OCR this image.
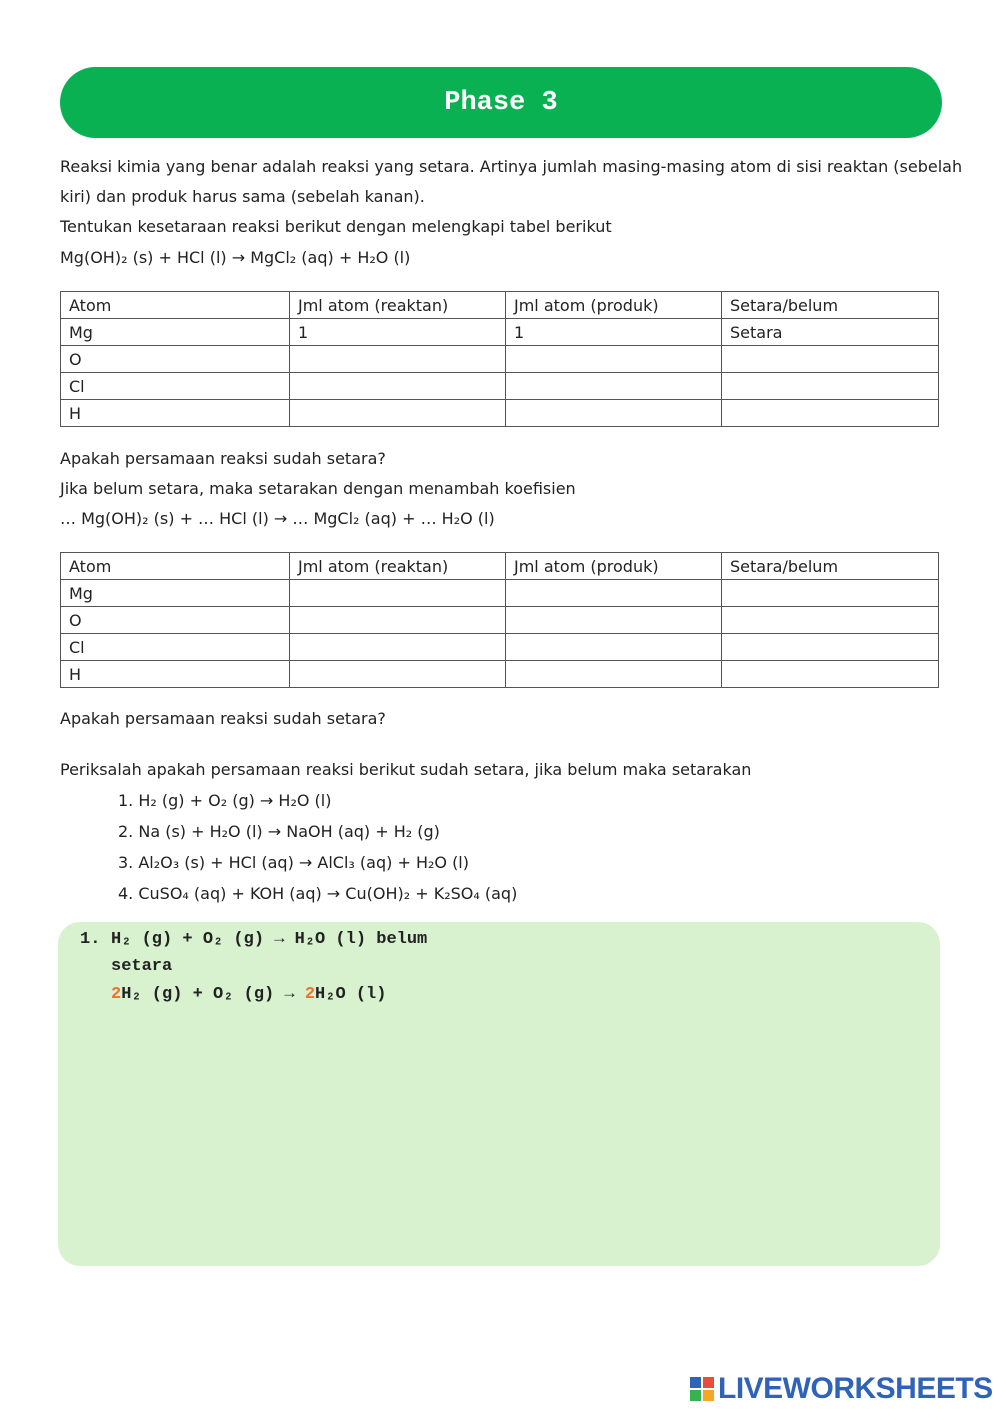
Phase 3
Reaksi kimia yang benar adalah reaksi yang setara. Artinya jumlah masing-masing atom di sisi reaktan (sebelah
kiri) dan produk harus sama (sebelah kanan).
Tentukan kesetaraan reaksi berikut dengan melengkapi tabel berikut
Mg(OH)₂ (s) + HCl (l) → MgCl₂ (aq) + H₂O (l)
Atom	Jml atom (reaktan)	Jml atom (produk)	Setara/belum
Mg	1	1	Setara
O			
Cl			
H			
Apakah persamaan reaksi sudah setara?
Jika belum setara, maka setarakan dengan menambah koefisien
… Mg(OH)₂ (s) + … HCl (l) → … MgCl₂ (aq) + … H₂O (l)
Atom	Jml atom (reaktan)	Jml atom (produk)	Setara/belum
Mg			
O			
Cl			
H			
Apakah persamaan reaksi sudah setara?
Periksalah apakah persamaan reaksi berikut sudah setara, jika belum maka setarakan
1. H₂ (g) + O₂ (g) → H₂O (l)
2. Na (s) + H₂O (l) → NaOH (aq) + H₂ (g)
3. Al₂O₃ (s) + HCl (aq) → AlCl₃ (aq) + H₂O (l)
4. CuSO₄ (aq) + KOH (aq) → Cu(OH)₂ + K₂SO₄ (aq)
1. H₂ (g) + O₂ (g) → H₂O (l) belum
setara
2H₂ (g) + O₂ (g) → 2H₂O (l)
LIVEWORKSHEETS
